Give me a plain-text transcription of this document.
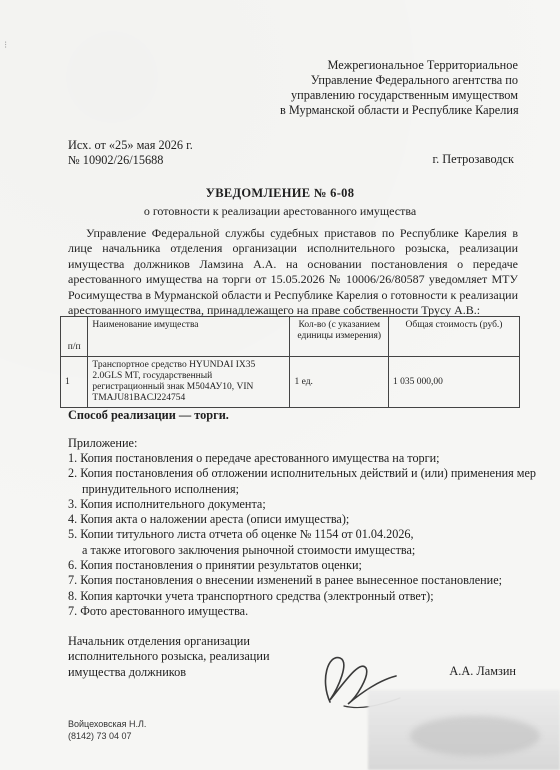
Межрегиональное Территориальное
Управление Федерального агентства по
управлению государственным имуществом
в Мурманской области и Республике Карелия
Исх. от «25» мая 2026 г.
№ 10902/26/15688	г. Петрозаводск
УВЕДОМЛЕНИЕ № 6-08
о готовности к реализации арестованного имущества
Управление Федеральной службы судебных приставов по Республике Карелия в лице начальника отделения организации исполнительного розыска, реализации имущества должников Ламзина А.А. на основании постановления о передаче арестованного имущества на торги от 15.05.2026 № 10006/26/80587 уведомляет МТУ Росимущества в Мурманской области и Республике Карелия о готовности к реализации арестованного имущества, принадлежащего на праве собственности Трусу А.В.:
п/п	Наименование имущества	Кол-во (с указанием единицы измерения)	Общая стоимость (руб.)
1	Транспортное средство HYUNDAI IX35 2.0GLS MT, государственный регистрационный знак М504АУ10, VIN TMAJU81BACJ224754	1 ед.	1 035 000,00
Способ реализации — торги.
Приложение:
1. Копия постановления о передаче арестованного имущества на торги;
2. Копия постановления об отложении исполнительных действий и (или) применения мер
принудительного исполнения;
3. Копия исполнительного документа;
4. Копия акта о наложении ареста (описи имущества);
5. Копии титульного листа отчета об оценке № 1154 от 01.04.2026,
а также итогового заключения рыночной стоимости имущества;
6. Копия постановления о принятии результатов оценки;
7. Копия постановления о внесении изменений в ранее вынесенное постановление;
8. Копия карточки учета транспортного средства (электронный ответ);
7. Фото арестованного имущества.
Начальник отделения организации
исполнительного розыска, реализации
имущества должников	А.А. Ламзин
Войцеховская Н.Л.
(8142) 73 04 07
⁝
